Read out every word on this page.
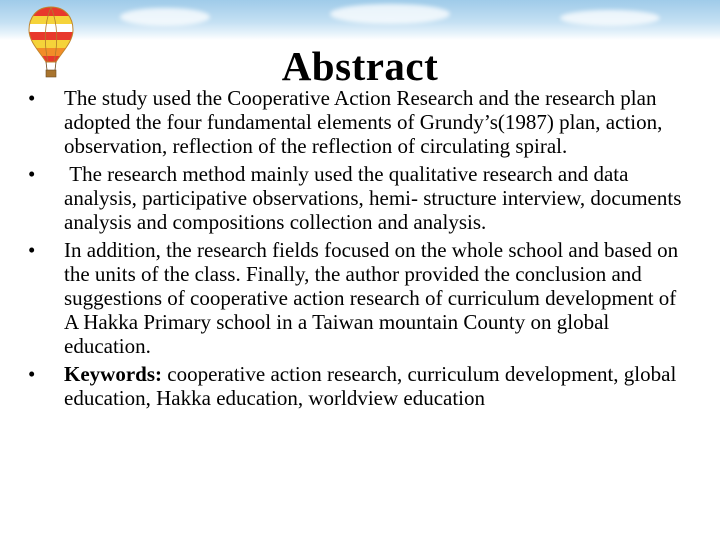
Abstract
• The study used the Cooperative Action Research and the research plan adopted the four fundamental elements of Grundy’s(1987) plan, action, observation, reflection of the reflection of circulating spiral.
• The research method mainly used the qualitative research and data analysis, participative observations, hemi- structure interview, documents analysis and compositions collection and analysis.
• In addition, the research fields focused on the whole school and based on the units of the class. Finally, the author provided the conclusion and suggestions of cooperative action research of curriculum development of A Hakka Primary school in a Taiwan mountain County on global education.
• Keywords: cooperative action research, curriculum development, global education, Hakka education, worldview education
